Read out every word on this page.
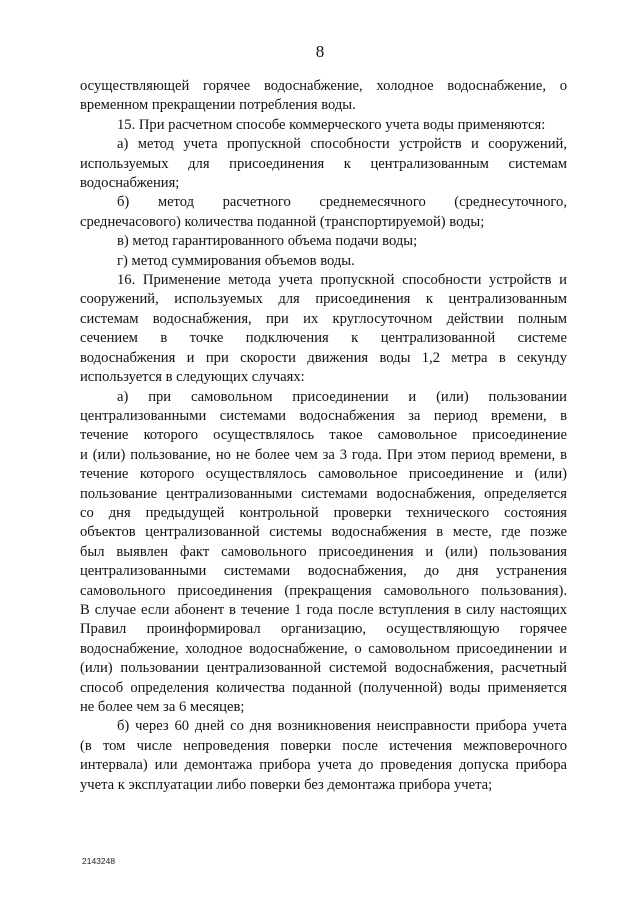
8
осуществляющей горячее водоснабжение, холодное водоснабжение, о
временном прекращении потребления воды.
15. При расчетном способе коммерческого учета воды применяются:
а) метод учета пропускной способности устройств и сооружений,
используемых для присоединения к централизованным системам
водоснабжения;
б) метод расчетного среднемесячного (среднесуточного,
среднечасового) количества поданной (транспортируемой) воды;
в) метод гарантированного объема подачи воды;
г) метод суммирования объемов воды.
16. Применение метода учета пропускной способности устройств и
сооружений, используемых для присоединения к централизованным
системам водоснабжения, при их круглосуточном действии полным
сечением в точке подключения к централизованной системе
водоснабжения и при скорости движения воды 1,2 метра в секунду
используется в следующих случаях:
а) при самовольном присоединении и (или) пользовании
централизованными системами водоснабжения за период времени, в
течение которого осуществлялось такое самовольное присоединение
и (или) пользование, но не более чем за 3 года. При этом период времени, в
течение которого осуществлялось самовольное присоединение и (или)
пользование централизованными системами водоснабжения, определяется
со дня предыдущей контрольной проверки технического состояния
объектов централизованной системы водоснабжения в месте, где позже
был выявлен факт самовольного присоединения и (или) пользования
централизованными системами водоснабжения, до дня устранения
самовольного присоединения (прекращения самовольного пользования).
В случае если абонент в течение 1 года после вступления в силу настоящих
Правил проинформировал организацию, осуществляющую горячее
водоснабжение, холодное водоснабжение, о самовольном присоединении и
(или) пользовании централизованной системой водоснабжения, расчетный
способ определения количества поданной (полученной) воды применяется
не более чем за 6 месяцев;
б) через 60 дней со дня возникновения неисправности прибора учета
(в том числе непроведения поверки после истечения межповерочного
интервала) или демонтажа прибора учета до проведения допуска прибора
учета к эксплуатации либо поверки без демонтажа прибора учета;
2143248
